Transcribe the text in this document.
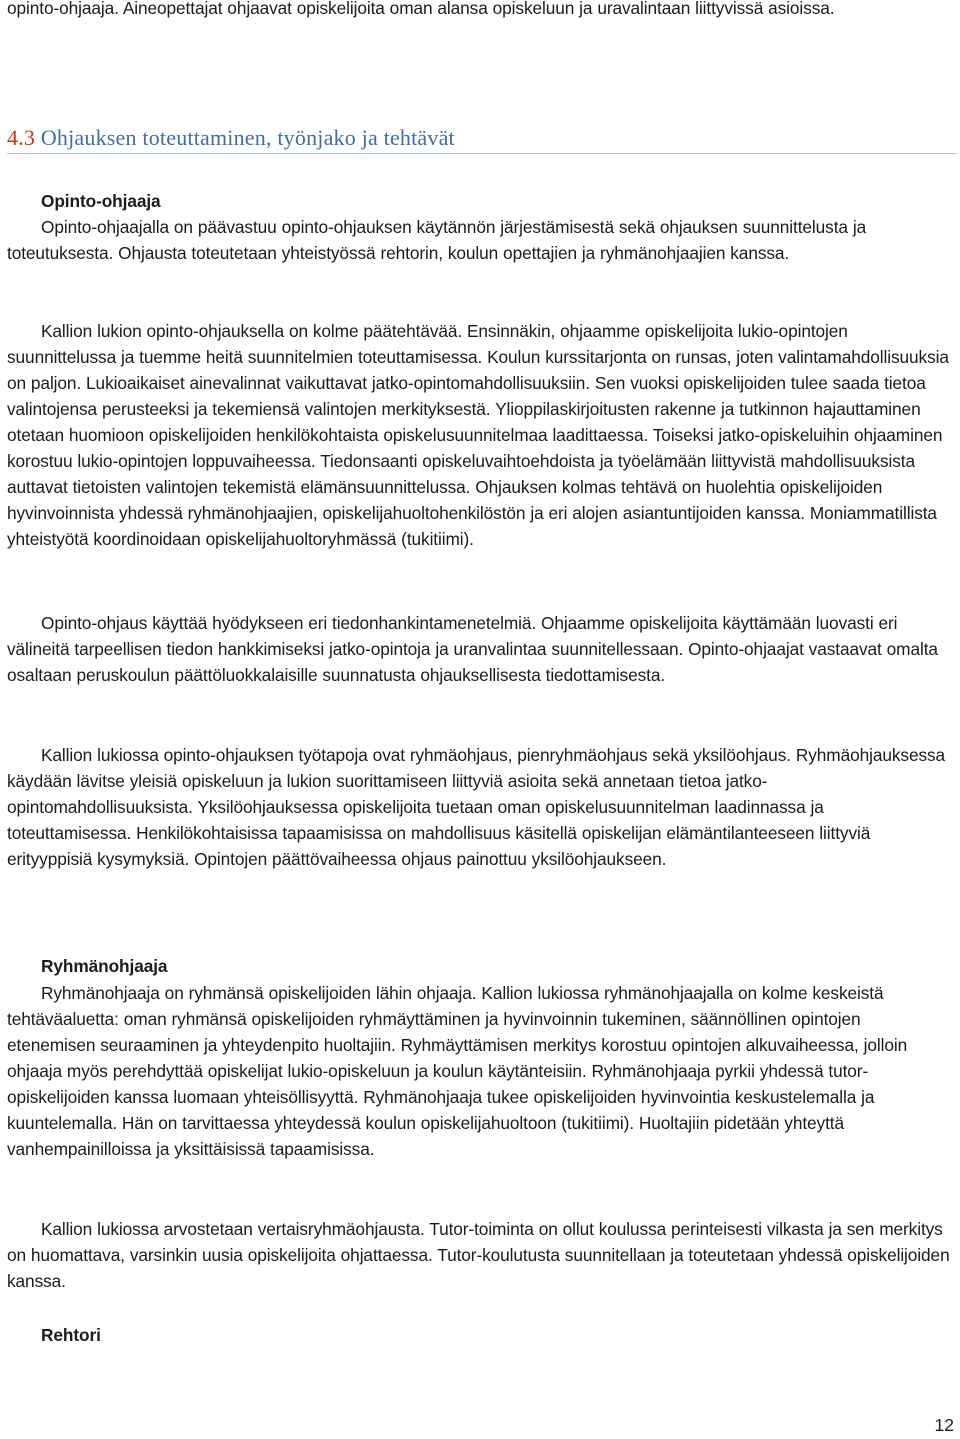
opinto-ohjaaja. Aineopettajat ohjaavat opiskelijoita oman alansa opiskeluun ja uravalintaan liittyvissä asioissa.

4.3 Ohjauksen toteuttaminen, työnjako ja tehtävät

Opinto-ohjaaja

Opinto-ohjaajalla on päävastuu opinto-ohjauksen käytännön järjestämisestä sekä ohjauksen suunnittelusta ja toteutuksesta. Ohjausta toteutetaan yhteistyössä rehtorin, koulun opettajien ja ryhmänohjaajien kanssa.

Kallion lukion opinto-ohjauksella on kolme päätehtävää. Ensinnäkin, ohjaamme opiskelijoita lukio-opintojen suunnittelussa ja tuemme heitä suunnitelmien toteuttamisessa. Koulun kurssitarjonta on runsas, joten valintamahdollisuuksia on paljon. Lukioaikaiset ainevalinnat vaikuttavat jatko-opintomahdollisuuksiin. Sen vuoksi opiskelijoiden tulee saada tietoa valintojensa perusteeksi ja tekemiensä valintojen merkityksestä. Ylioppilaskirjoitusten rakenne ja tutkinnon hajauttaminen otetaan huomioon opiskelijoiden henkilökohtaista opiskelusuunnitelmaa laadittaessa. Toiseksi jatko-opiskeluihin ohjaaminen korostuu lukio-opintojen loppuvaiheessa. Tiedonsaanti opiskeluvaihtoehdoista ja työelämään liittyvistä mahdollisuuksista auttavat tietoisten valintojen tekemistä elämänsuunnittelussa. Ohjauksen kolmas tehtävä on huolehtia opiskelijoiden hyvinvoinnista yhdessä ryhmänohjaajien, opiskelijahuoltohenkilöstön ja eri alojen asiantuntijoiden kanssa. Moniammatillista yhteistyötä koordinoidaan opiskelijahuoltoryhmässä (tukitiimi).

Opinto-ohjaus käyttää hyödykseen eri tiedonhankintamenetelmiä. Ohjaamme opiskelijoita käyttämään luovasti eri välineitä tarpeellisen tiedon hankkimiseksi jatko-opintoja ja uranvalintaa suunnitellessaan. Opinto-ohjaajat vastaavat omalta osaltaan peruskoulun päättöluokkalaisille suunnatusta ohjauksellisesta tiedottamisesta.

Kallion lukiossa opinto-ohjauksen työtapoja ovat ryhmäohjaus, pienryhmäohjaus sekä yksilöohjaus. Ryhmäohjauksessa käydään lävitse yleisiä opiskeluun ja lukion suorittamiseen liittyviä asioita sekä annetaan tietoa jatko-opintomahdollisuuksista. Yksilöohjauksessa opiskelijoita tuetaan oman opiskelusuunnitelman laadinnassa ja toteuttamisessa. Henkilökohtaisissa tapaamisissa on mahdollisuus käsitellä opiskelijan elämäntilanteeseen liittyviä erityyppisiä kysymyksiä. Opintojen päättövaiheessa ohjaus painottuu yksilöohjaukseen.

Ryhmänohjaaja

Ryhmänohjaaja on ryhmänsä opiskelijoiden lähin ohjaaja. Kallion lukiossa ryhmänohjaajalla on kolme keskeistä tehtäväaluetta: oman ryhmänsä opiskelijoiden ryhmäyttäminen ja hyvinvoinnin tukeminen, säännöllinen opintojen etenemisen seuraaminen ja yhteydenpito huoltajiin. Ryhmäyttämisen merkitys korostuu opintojen alkuvaiheessa, jolloin ohjaaja myös perehdyttää opiskelijat lukio-opiskeluun ja koulun käytänteisiin. Ryhmänohjaaja pyrkii yhdessä tutor-opiskelijoiden kanssa luomaan yhteisöllisyyttä. Ryhmänohjaaja tukee opiskelijoiden hyvinvointia keskustelemalla ja kuuntelemalla. Hän on tarvittaessa yhteydessä koulun opiskelijahuoltoon (tukitiimi). Huoltajiin pidetään yhteyttä vanhempainilloissa ja yksittäisissä tapaamisissa.

Kallion lukiossa arvostetaan vertaisryhmäohjausta. Tutor-toiminta on ollut koulussa perinteisesti vilkasta ja sen merkitys on huomattava, varsinkin uusia opiskelijoita ohjattaessa. Tutor-koulutusta suunnitellaan ja toteutetaan yhdessä opiskelijoiden kanssa.

Rehtori

12
